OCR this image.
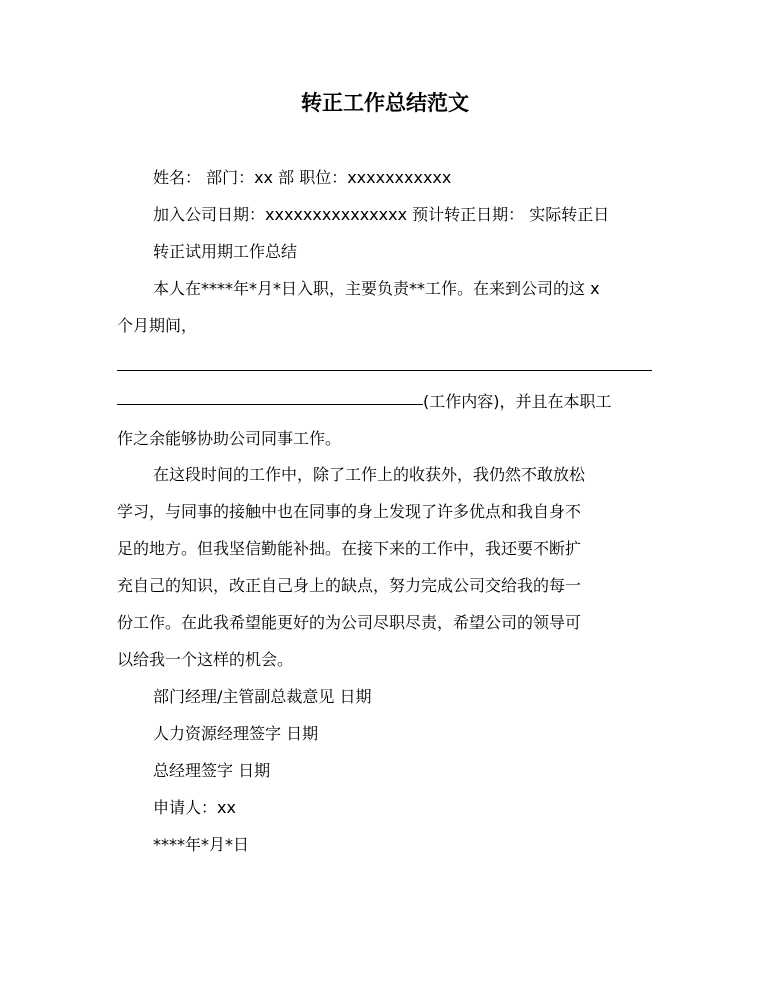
转正工作总结范文
姓名： 部门：xx 部 职位：xxxxxxxxxxx
加入公司日期：xxxxxxxxxxxxxxx 预计转正日期： 实际转正日
转正试用期工作总结
本人在****年*月*日入职，主要负责**工作。在来到公司的这 x
个月期间，
(工作内容)，并且在本职工
作之余能够协助公司同事工作。
在这段时间的工作中，除了工作上的收获外，我仍然不敢放松
学习，与同事的接触中也在同事的身上发现了许多优点和我自身不
足的地方。但我坚信勤能补拙。在接下来的工作中，我还要不断扩
充自己的知识，改正自己身上的缺点，努力完成公司交给我的每一
份工作。在此我希望能更好的为公司尽职尽责，希望公司的领导可
以给我一个这样的机会。
部门经理/主管副总裁意见 日期
人力资源经理签字 日期
总经理签字 日期
申请人：xx
****年*月*日
